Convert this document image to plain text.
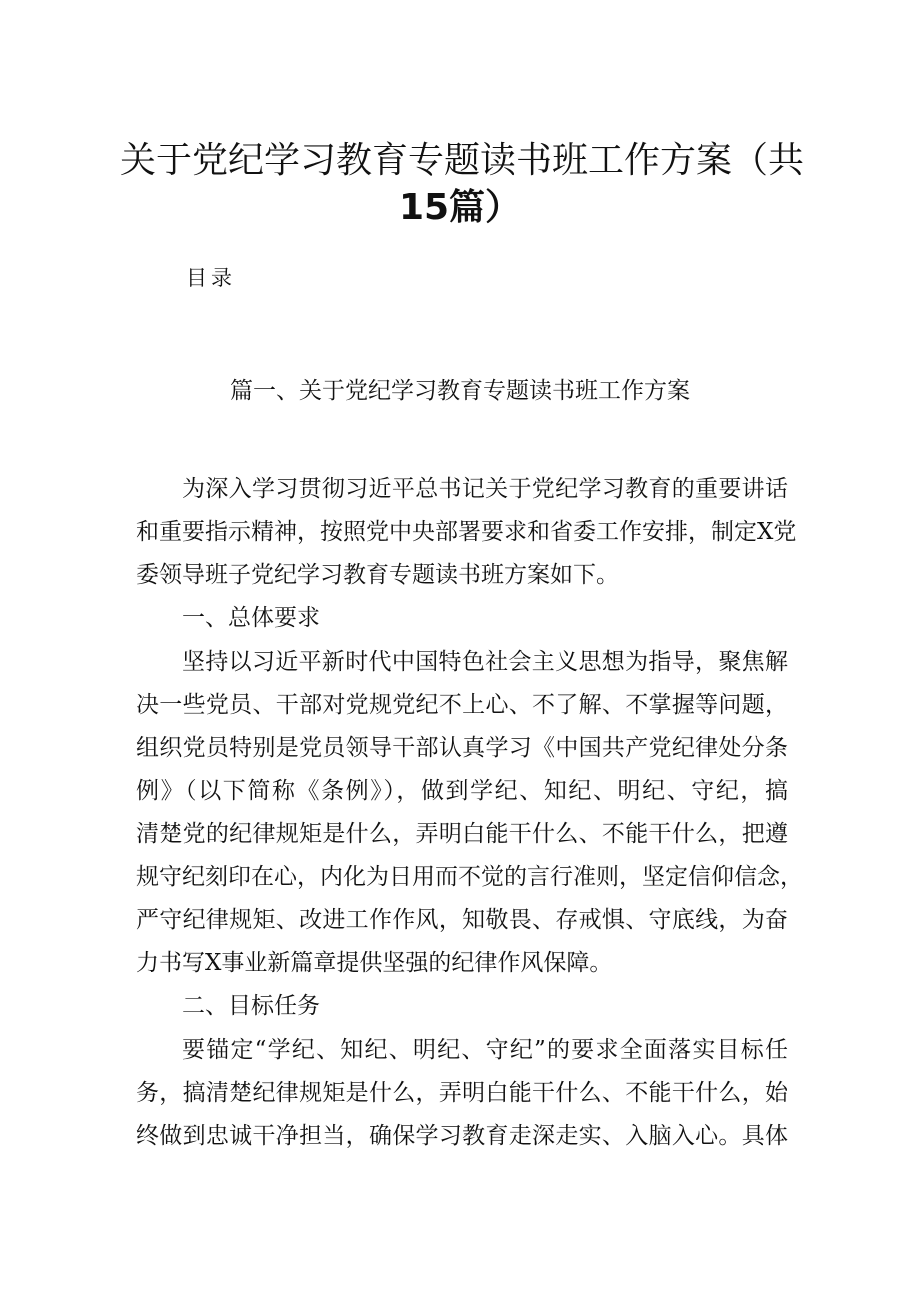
关于党纪学习教育专题读书班工作方案（共
15篇）
目录
篇一、关于党纪学习教育专题读书班工作方案
为深入学习贯彻习近平总书记关于党纪学习教育的重要讲话
和重要指示精神，按照党中央部署要求和省委工作安排，制定X党
委领导班子党纪学习教育专题读书班方案如下。
一、总体要求
坚持以习近平新时代中国特色社会主义思想为指导，聚焦解
决一些党员、干部对党规党纪不上心、不了解、不掌握等问题，
组织党员特别是党员领导干部认真学习《中国共产党纪律处分条
例》（以下简称《条例》），做到学纪、知纪、明纪、守纪，搞
清楚党的纪律规矩是什么，弄明白能干什么、不能干什么，把遵
规守纪刻印在心，内化为日用而不觉的言行准则，坚定信仰信念，
严守纪律规矩、改进工作作风，知敬畏、存戒惧、守底线，为奋
力书写X事业新篇章提供坚强的纪律作风保障。
二、目标任务
要锚定“学纪、知纪、明纪、守纪”的要求全面落实目标任
务，搞清楚纪律规矩是什么，弄明白能干什么、不能干什么，始
终做到忠诚干净担当，确保学习教育走深走实、入脑入心。具体
